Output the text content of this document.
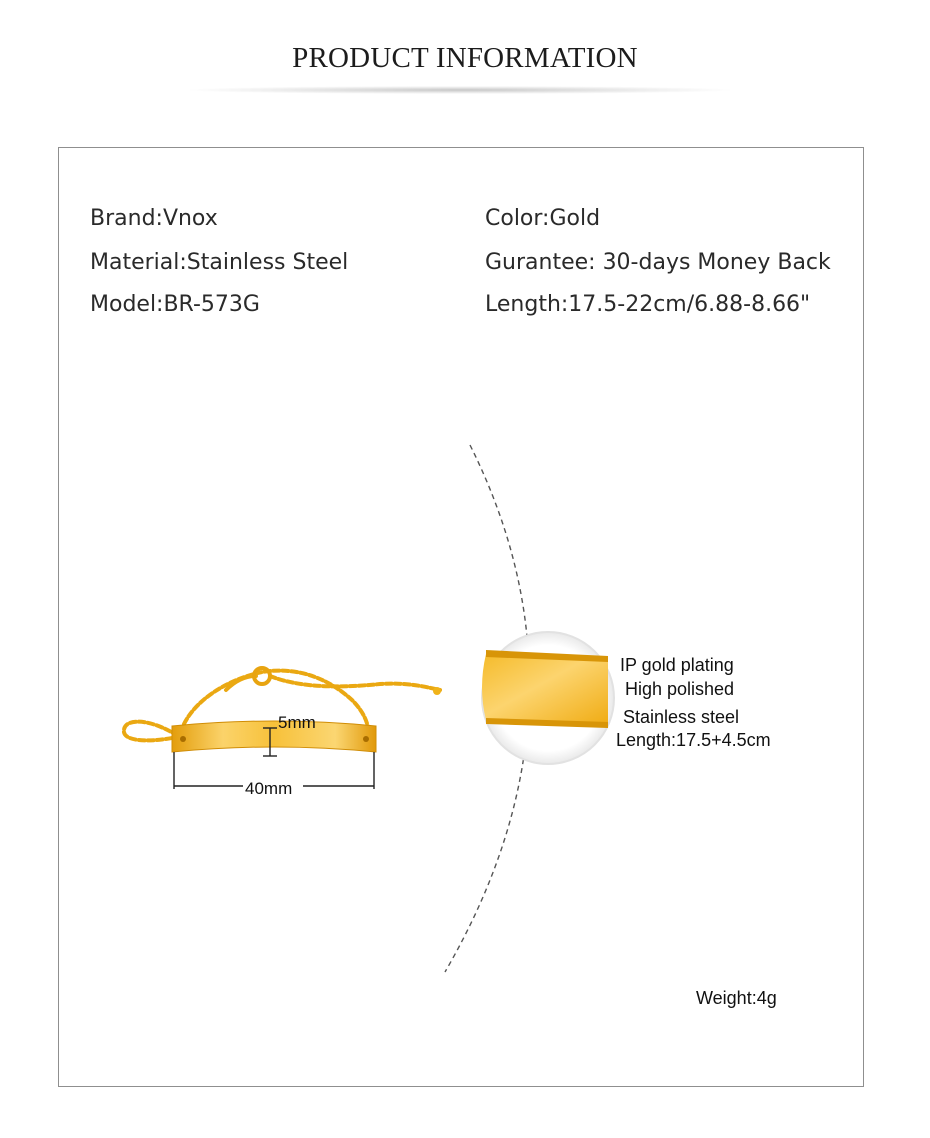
PRODUCT INFORMATION
Brand:Vnox
Material:Stainless Steel
Model:BR-573G
Color:Gold
Gurantee: 30-days Money Back
Length:17.5-22cm/6.88-8.66"
5mm
40mm
IP gold plating
High polished
Stainless steel
Length:17.5+4.5cm
Weight:4g
